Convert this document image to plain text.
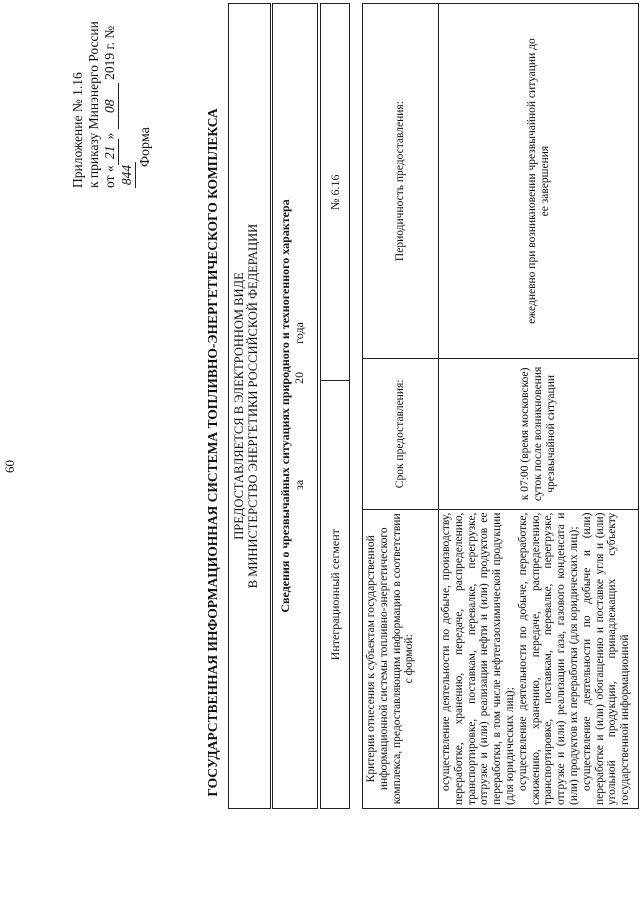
60
Приложение № 1.16 к приказу Минэнерго России от «21» 08 2019 г. №844
Форма	ГОСУДАРСТВЕННАЯ ИНФОРМАЦИОННАЯ СИСТЕМА ТОПЛИВНО-ЭНЕРГЕТИЧЕСКОГО КОМПЛЕКСА ПРЕДОСТАВЛЯЕТСЯ В ЭЛЕКТРОННОМ ВИДЕ В МИНИСТЕРСТВО ЭНЕРГЕТИКИ РОССИЙСКОЙ ФЕДЕРАЦИИ Сведения о чрезвычайных ситуациях природного и техногенного характера за  20  года
Интеграционный сегмент	№ 6.16
Критерии отнесения к субъектам государственной информационной системы топливно-энергетического комплекса, предоставляющим информацию в соответствии с формой:	Срок предоставления:	Периодичность предоставления:

осуществление деятельности по добыче, производству, переработке, хранению, передаче, распределению, транспортировке, поставкам, перевалке, перегрузке, отгрузке и (или) реализации нефти и (или) продуктов ее переработки, в том числе нефтегазохимической продукции (для юридических лиц); осуществление деятельности по добыче, переработке, сжижению, хранению, передаче, распределению, транспортировке, поставкам, перевалке, перегрузке, отгрузке и (или) реализации газа, газового конденсата и (или) продуктов их переработки (для юридических лиц); осуществление деятельности по добыче и (или) переработке и (или) обогащению и поставке угля и (или) угольной продукции, принадлежащих субъекту государственной информационной	к 07:00 (время московское) суток после возникновения чрезвычайной ситуации	ежедневно при возникновении чрезвычайной ситуации до ее завершения
